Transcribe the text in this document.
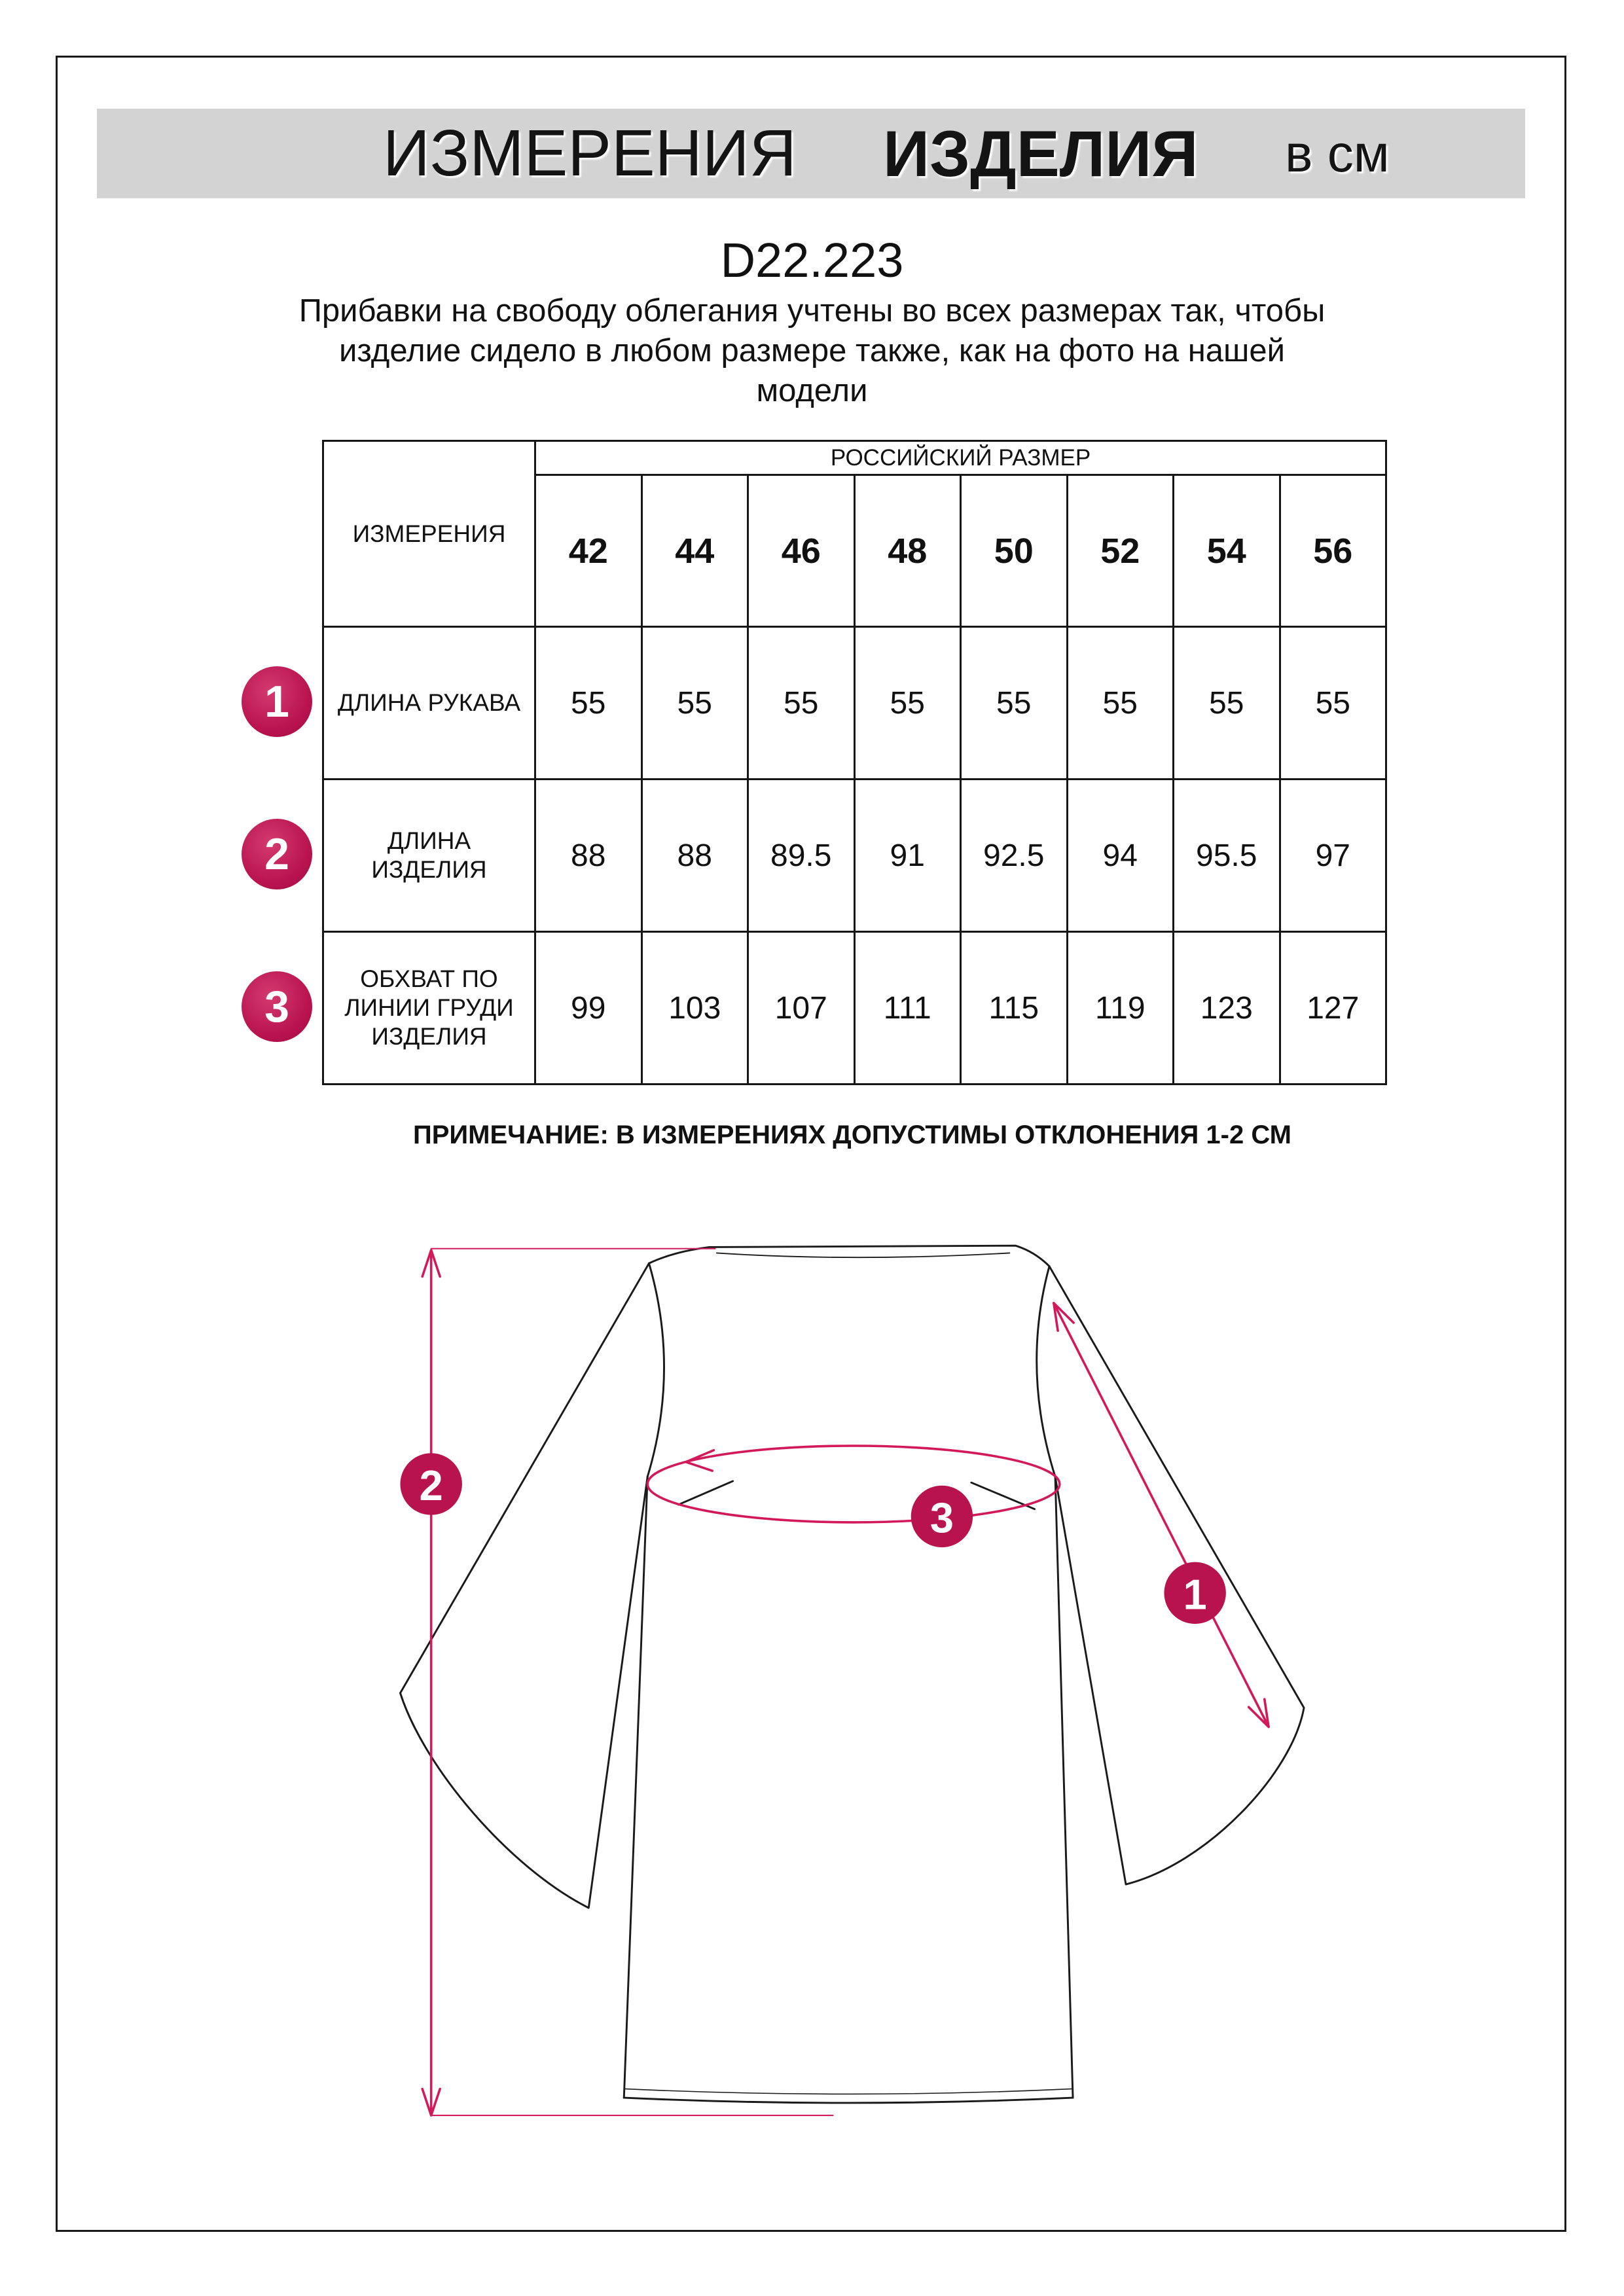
ИЗМЕРЕНИЯ ИЗДЕЛИЯ в см
D22.223
Прибавки на свободу облегания учтены во всех размерах так, чтобы
изделие сидело в любом размере также, как на фото на нашей
модели
ИЗМЕРЕНИЯ	РОССИЙСКИЙ РАЗМЕР							
	42	44	46	48	50	52	54	56

ДЛИНА РУКАВА	55	55	55	55	55	55	55	55

ДЛИНА
ИЗДЕЛИЯ	88	88	89.5	91	92.5	94	95.5	97

ОБХВАТ ПО
ЛИНИИ ГРУДИ
ИЗДЕЛИЯ	99	103	107	111	115	119	123	127
1
2
3
ПРИМЕЧАНИЕ: В ИЗМЕРЕНИЯХ ДОПУСТИМЫ ОТКЛОНЕНИЯ 1-2 СМ
2
3
1
